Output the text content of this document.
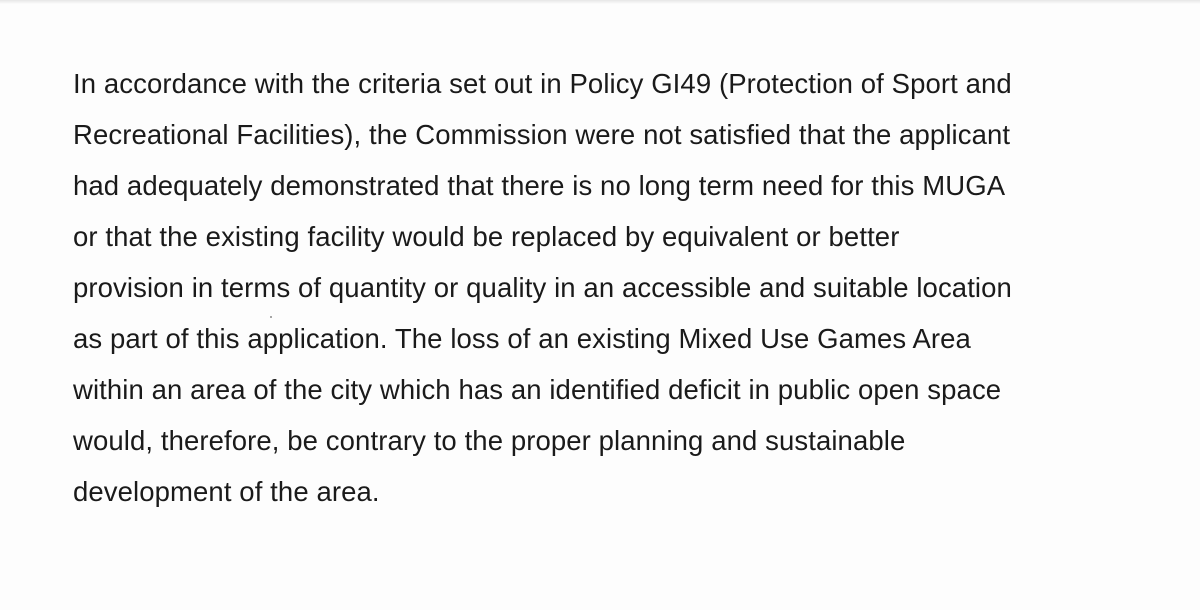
In accordance with the criteria set out in Policy GI49 (Protection of Sport and
Recreational Facilities), the Commission were not satisfied that the applicant
had adequately demonstrated that there is no long term need for this MUGA
or that the existing facility would be replaced by equivalent or better
provision in terms of quantity or quality in an accessible and suitable location
as part of this application. The loss of an existing Mixed Use Games Area
within an area of the city which has an identified deficit in public open space
would, therefore, be contrary to the proper planning and sustainable
development of the area.
